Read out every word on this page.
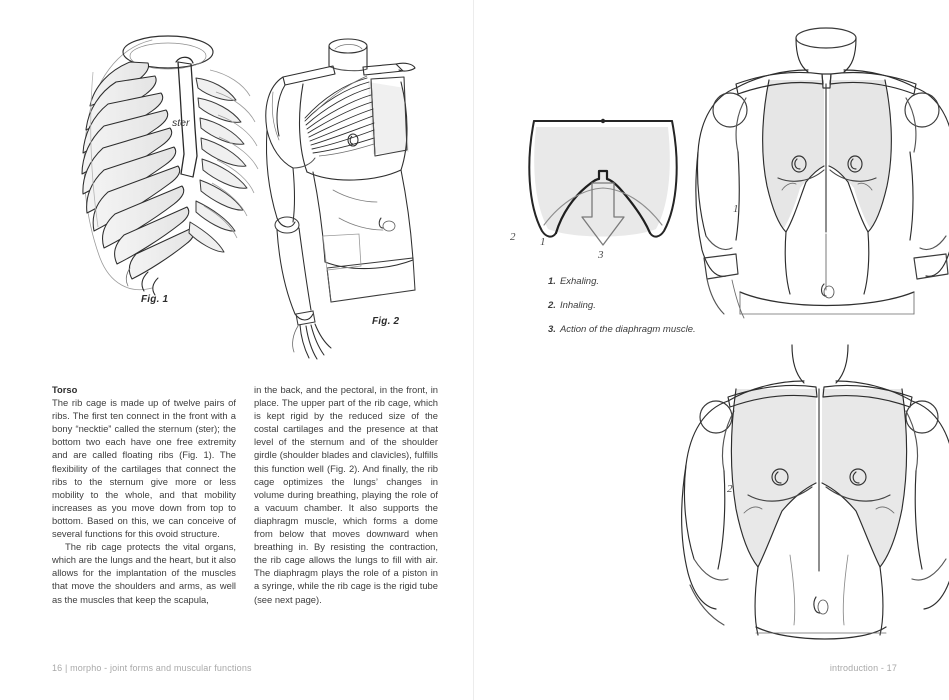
ster
Fig. 1
Fig. 2

Torso

The rib cage is made up of twelve pairs of ribs. The first ten connect in the front with a bony “necktie” called the sternum (ster); the bottom two each have one free extremity and are called floating ribs (Fig. 1). The flexibility of the cartilages that connect the ribs to the sternum give more or less mobility to the whole, and that mobility increases as you move down from top to bottom. Based on this, we can conceive of several functions for this ovoid structure.

The rib cage protects the vital organs, which are the lungs and the heart, but it also allows for the implantation of the muscles that move the shoulders and arms, as well as the muscles that keep the scapula,

in the back, and the pectoral, in the front, in place. The upper part of the rib cage, which is kept rigid by the reduced size of the costal cartilages and the presence at that level of the sternum and of the shoulder girdle (shoulder blades and clavicles), fulfills this function well (Fig. 2). And finally, the rib cage optimizes the lungs’ changes in volume during breathing, playing the role of a vacuum chamber. It also supports the diaphragm muscle, which forms a dome from below that moves downward when breathing in. By resisting the contraction, the rib cage allows the lungs to fill with air. The diaphragm plays the role of a piston in a syringe, while the rib cage is the rigid tube (see next page).

16 | morpho - joint forms and muscular functions
2 1
3
1. Exhaling.
2. Inhaling.
3. Action of the diaphragm muscle.
1
2
introduction - 17
